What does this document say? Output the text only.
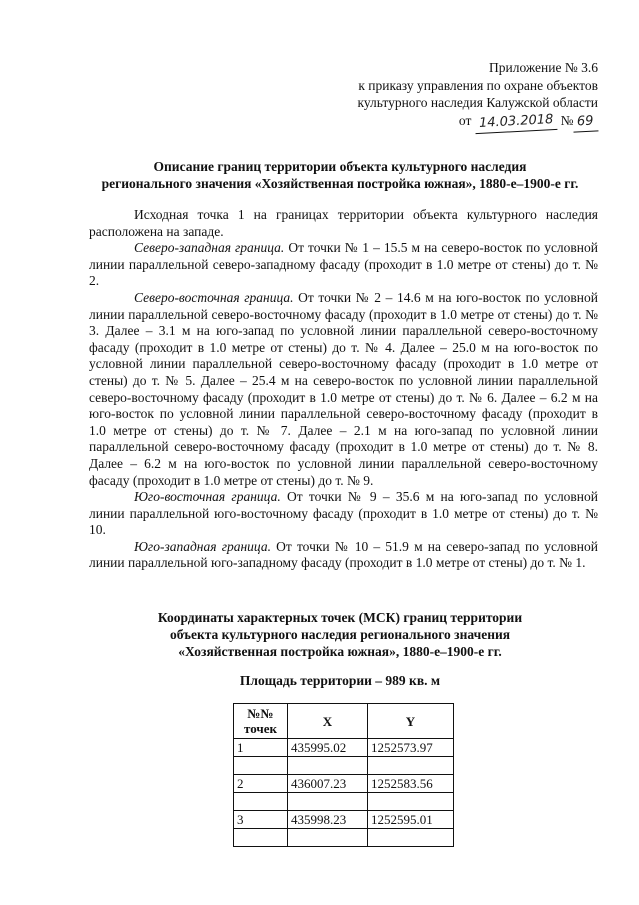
Приложение № 3.6
к приказу управления по охране объектов
культурного наследия Калужской области
от 14.03.2018 № 69
Описание границ территории объекта культурного наследия
регионального значения «Хозяйственная постройка южная», 1880-е–1900-е гг.

Исходная точка 1 на границах территории объекта культурного наследия расположена на западе.

Северо-западная граница. От точки № 1 – 15.5 м на северо-восток по условной линии параллельной северо-западному фасаду (проходит в 1.0 метре от стены) до т. № 2.

Северо-восточная граница. От точки № 2 – 14.6 м на юго-восток по условной линии параллельной северо-восточному фасаду (проходит в 1.0 метре от стены) до т. № 3. Далее – 3.1 м на юго-запад по условной линии параллельной северо-восточному фасаду (проходит в 1.0 метре от стены) до т. № 4. Далее – 25.0 м на юго-восток по условной линии параллельной северо-восточному фасаду (проходит в 1.0 метре от стены) до т. № 5. Далее – 25.4 м на северо-восток по условной линии параллельной северо-восточному фасаду (проходит в 1.0 метре от стены) до т. № 6. Далее – 6.2 м на юго-восток по условной линии параллельной северо-восточному фасаду (проходит в 1.0 метре от стены) до т. № 7. Далее – 2.1 м на юго-запад по условной линии параллельной северо-восточному фасаду (проходит в 1.0 метре от стены) до т. № 8. Далее – 6.2 м на юго-восток по условной линии параллельной северо-восточному фасаду (проходит в 1.0 метре от стены) до т. № 9.

Юго-восточная граница. От точки № 9 – 35.6 м на юго-запад по условной линии параллельной юго-восточному фасаду (проходит в 1.0 метре от стены) до т. № 10.

Юго-западная граница. От точки № 10 – 51.9 м на северо-запад по условной линии параллельной юго-западному фасаду (проходит в 1.0 метре от стены) до т. № 1.

Координаты характерных точек (МСК) границ территории
объекта культурного наследия регионального значения
«Хозяйственная постройка южная», 1880-е–1900-е гг.
Площадь территории – 989 кв. м
№№ точек	X	Y
1	435995.02	1252573.97

2	436007.23	1252583.56

3	435998.23	1252595.01
